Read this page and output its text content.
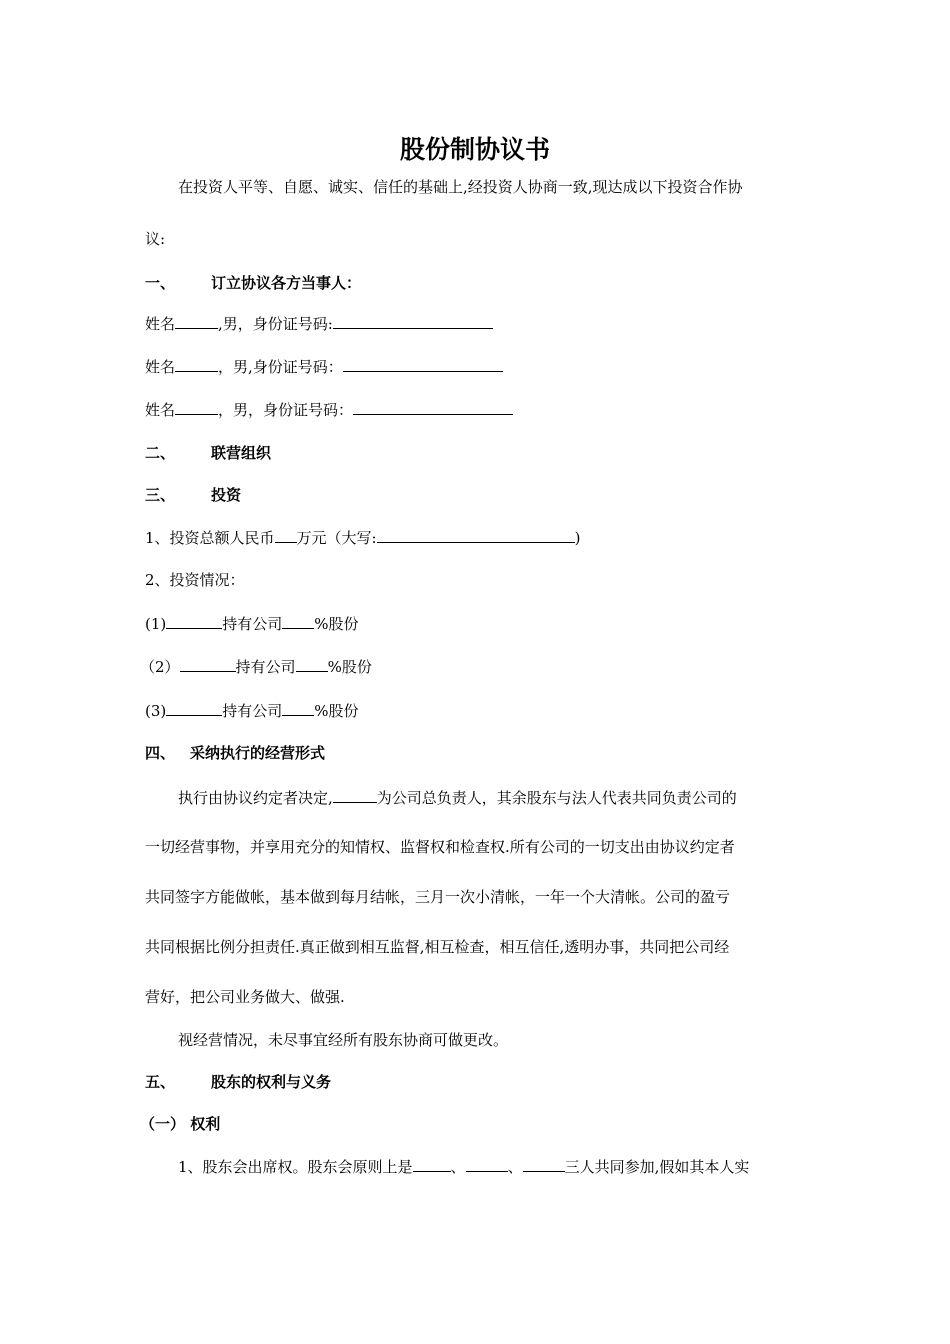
股份制协议书
在投资人平等、自愿、诚实、信任的基础上,经投资人协商一致,现达成以下投资合作协
议:
一、 订立协议各方当事人：
姓名	,男，身份证号码:
姓名	，男,身份证号码：
姓名	，男，身份证号码：
二、 联营组织
三、 投资
1、投资总额人民币 万元（大写:	)
2、投资情况：
(1)	持有公司 %股份
（2）	持有公司 %股份
(3)	持有公司 %股份
四、 采纳执行的经营形式
执行由协议约定者决定,	为公司总负责人，其余股东与法人代表共同负责公司的
一切经营事物，并享用充分的知情权、监督权和检查权.所有公司的一切支出由协议约定者
共同签字方能做帐，基本做到每月结帐，三月一次小清帐，一年一个大清帐。公司的盈亏
共同根据比例分担责任.真正做到相互监督,相互检查，相互信任,透明办事，共同把公司经
营好，把公司业务做大、做强.
视经营情况，未尽事宜经所有股东协商可做更改。
五、 股东的权利与义务
（一） 权利
1、股东会出席权。股东会原则上是	、	、	三人共同参加,假如其本人实
